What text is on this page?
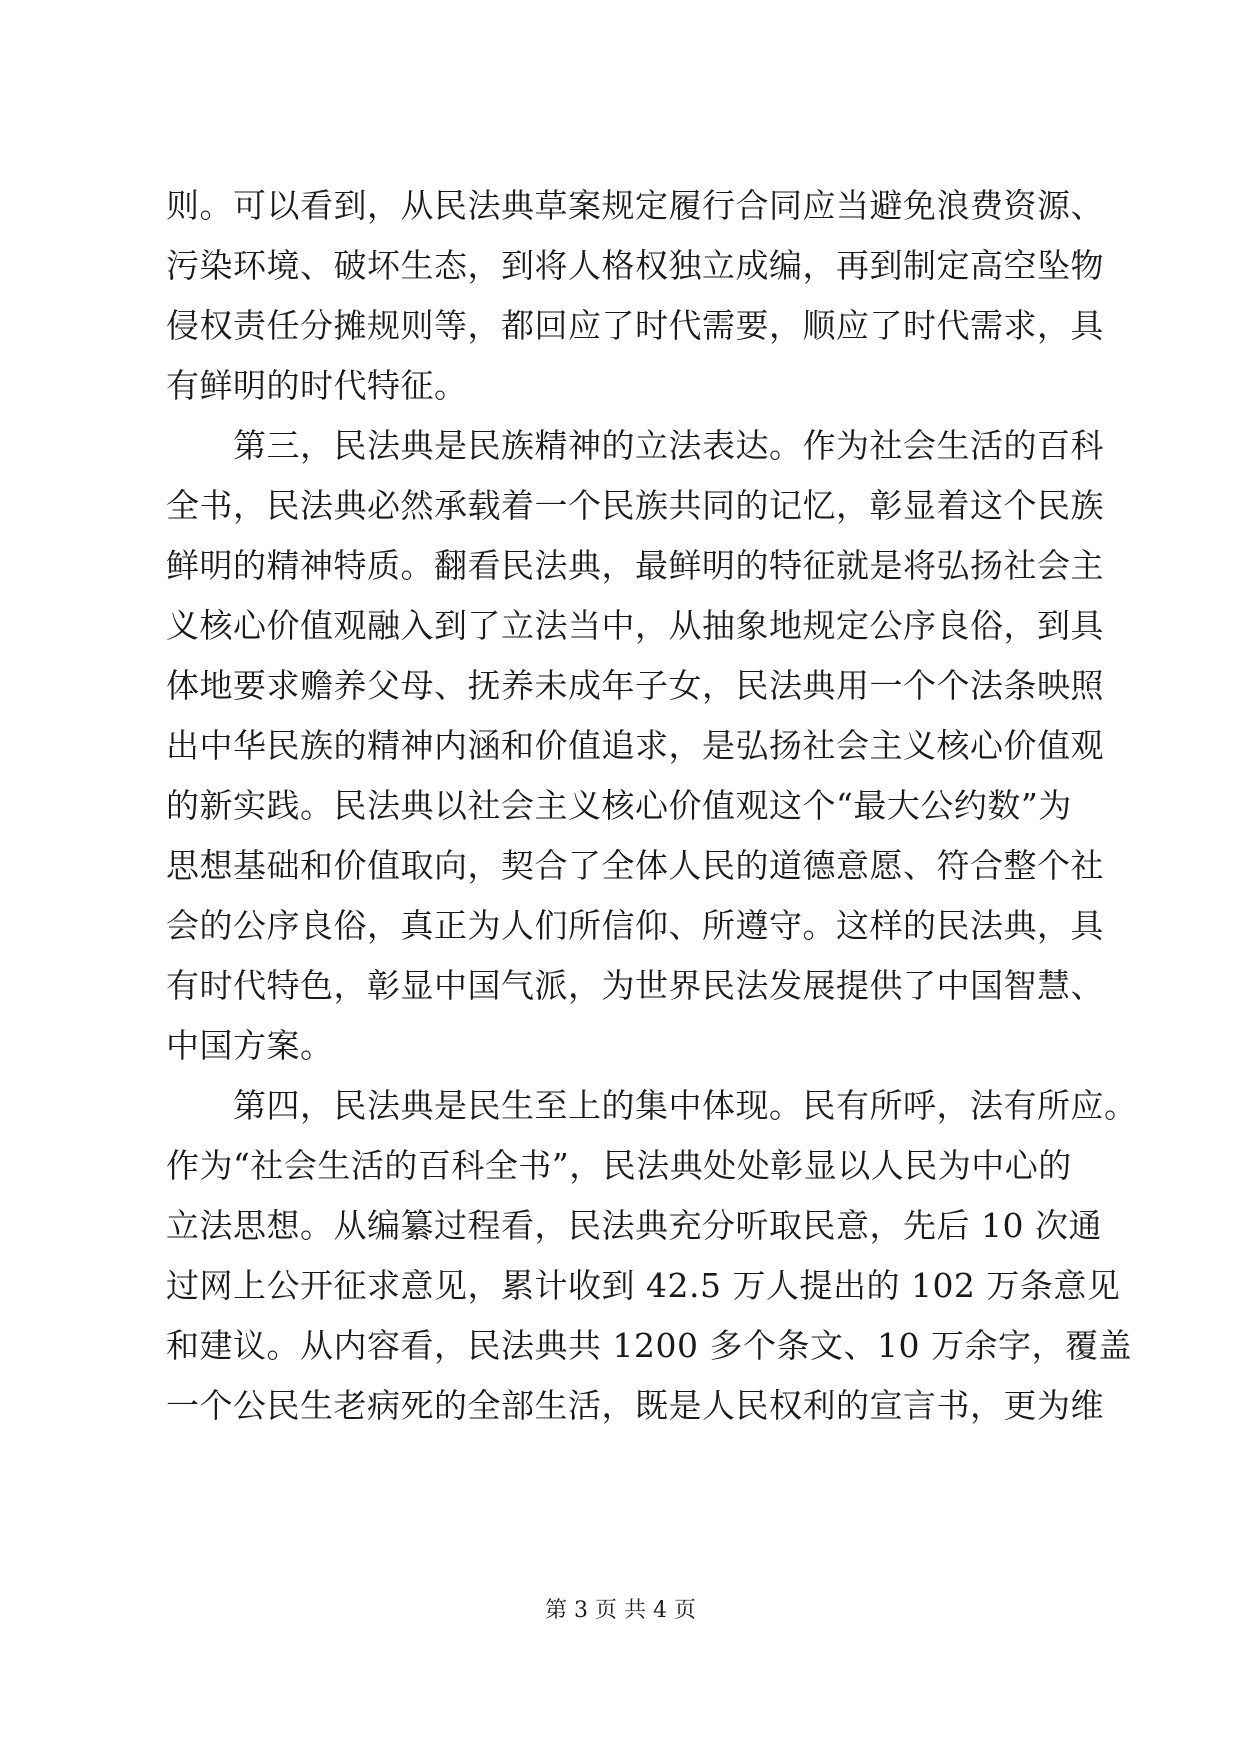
则。可以看到，从民法典草案规定履行合同应当避免浪费资源、
污染环境、破坏生态，到将人格权独立成编，再到制定高空坠物
侵权责任分摊规则等，都回应了时代需要，顺应了时代需求，具
有鲜明的时代特征。
　　第三，民法典是民族精神的立法表达。作为社会生活的百科
全书，民法典必然承载着一个民族共同的记忆，彰显着这个民族
鲜明的精神特质。翻看民法典，最鲜明的特征就是将弘扬社会主
义核心价值观融入到了立法当中，从抽象地规定公序良俗，到具
体地要求赡养父母、抚养未成年子女，民法典用一个个法条映照
出中华民族的精神内涵和价值追求，是弘扬社会主义核心价值观
的新实践。民法典以社会主义核心价值观这个“最大公约数”为
思想基础和价值取向，契合了全体人民的道德意愿、符合整个社
会的公序良俗，真正为人们所信仰、所遵守。这样的民法典，具
有时代特色，彰显中国气派，为世界民法发展提供了中国智慧、
中国方案。
　　第四，民法典是民生至上的集中体现。民有所呼，法有所应。
作为“社会生活的百科全书”，民法典处处彰显以人民为中心的
立法思想。从编纂过程看，民法典充分听取民意，先后 10 次通
过网上公开征求意见，累计收到 42.5 万人提出的 102 万条意见
和建议。从内容看，民法典共 1200 多个条文、10 万余字，覆盖
一个公民生老病死的全部生活，既是人民权利的宣言书，更为维
第 3 页 共 4 页
